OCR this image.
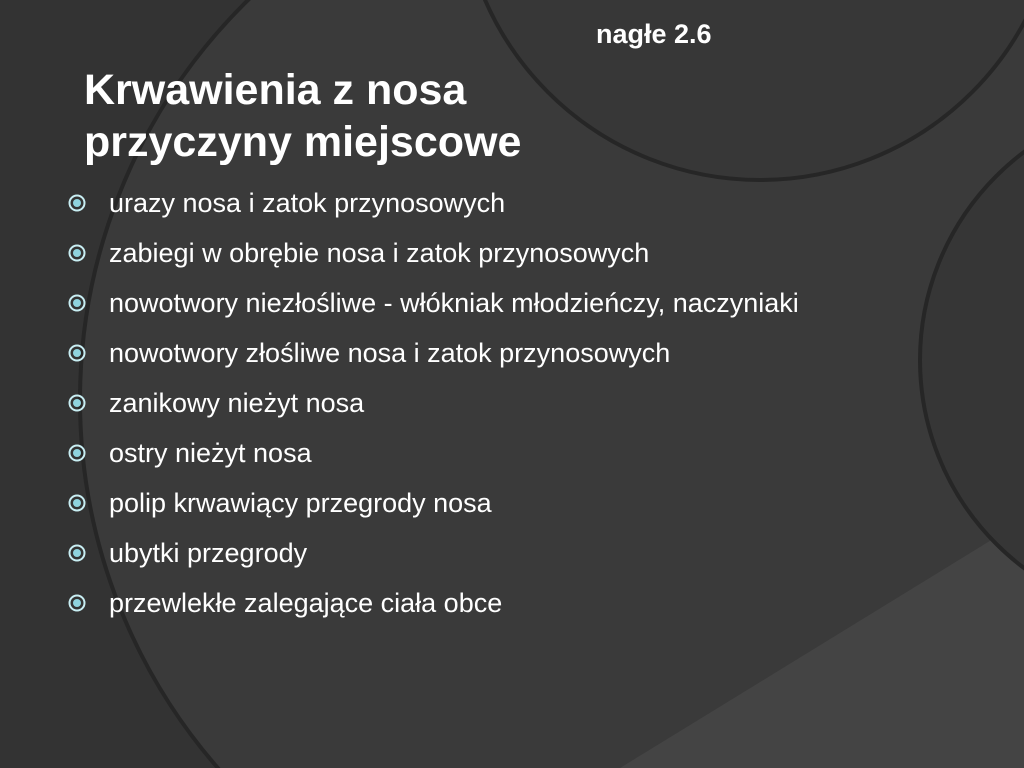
nagłe 2.6
Krwawienia z nosa
przyczyny miejscowe
urazy nosa i zatok przynosowych
zabiegi w obrębie nosa i zatok przynosowych
nowotwory niezłośliwe - włókniak młodzieńczy, naczyniaki
nowotwory złośliwe nosa i zatok przynosowych
zanikowy nieżyt nosa
ostry nieżyt nosa
polip krwawiący przegrody nosa
ubytki przegrody
przewlekłe zalegające ciała obce
